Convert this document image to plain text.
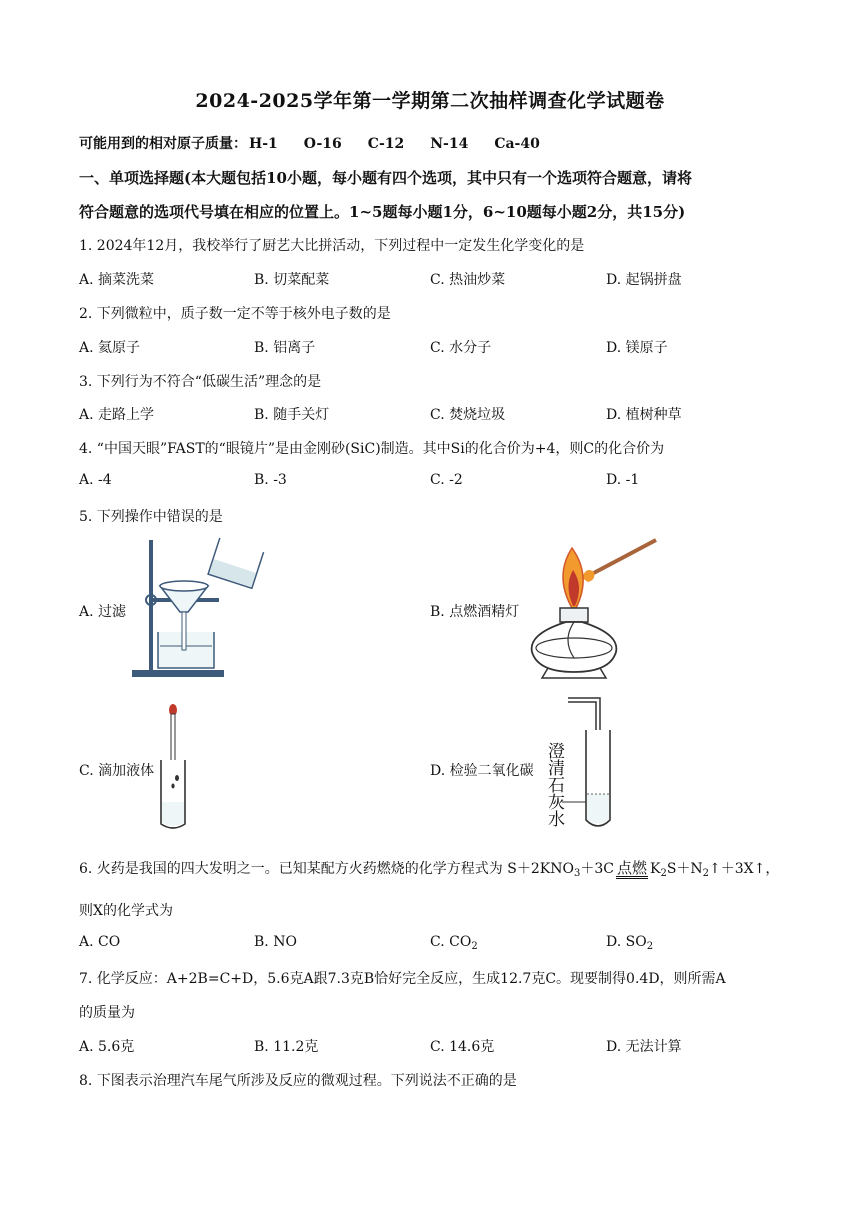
2024-2025学年第一学期第二次抽样调查化学试题卷
可能用到的相对原子质量： H-1 O-16 C-12 N-14 Ca-40
一、单项选择题(本大题包括10小题，每小题有四个选项，其中只有一个选项符合题意，请将
符合题意的选项代号填在相应的位置上。1~5题每小题1分，6~10题每小题2分，共15分)
1. 2024年12月，我校举行了厨艺大比拼活动，下列过程中一定发生化学变化的是
A. 摘菜洗菜	B. 切菜配菜	C. 热油炒菜	D. 起锅拼盘
2. 下列微粒中，质子数一定不等于核外电子数的是
A. 氦原子	B. 铝离子	C. 水分子	D. 镁原子
3. 下列行为不符合“低碳生活”理念的是
A. 走路上学	B. 随手关灯	C. 焚烧垃圾	D. 植树种草
4. “中国天眼”FAST的“眼镜片”是由金刚砂(SiC)制造。其中Si的化合价为+4，则C的化合价为
A. -4	B. -3	C. -2	D. -1
5. 下列操作中错误的是
A. 过滤	B. 点燃酒精灯
C. 滴加液体	D. 检验二氧化碳 澄清石灰水
6. 火药是我国的四大发明之一。已知某配方火药燃烧的化学方程式为 $S+2KNO_3+3C$ 点燃 $K_2S+N_2↑+3X↑$，
则X的化学式为
A. CO	B. NO	C. $CO_2$	D. $SO_2$
7. 化学反应：A+2B=C+D，5.6克A跟7.3克B恰好完全反应，生成12.7克C。现要制得0.4D，则所需A
的质量为
A. 5.6克	B. 11.2克	C. 14.6克	D. 无法计算
8. 下图表示治理汽车尾气所涉及反应的微观过程。下列说法不正确的是
